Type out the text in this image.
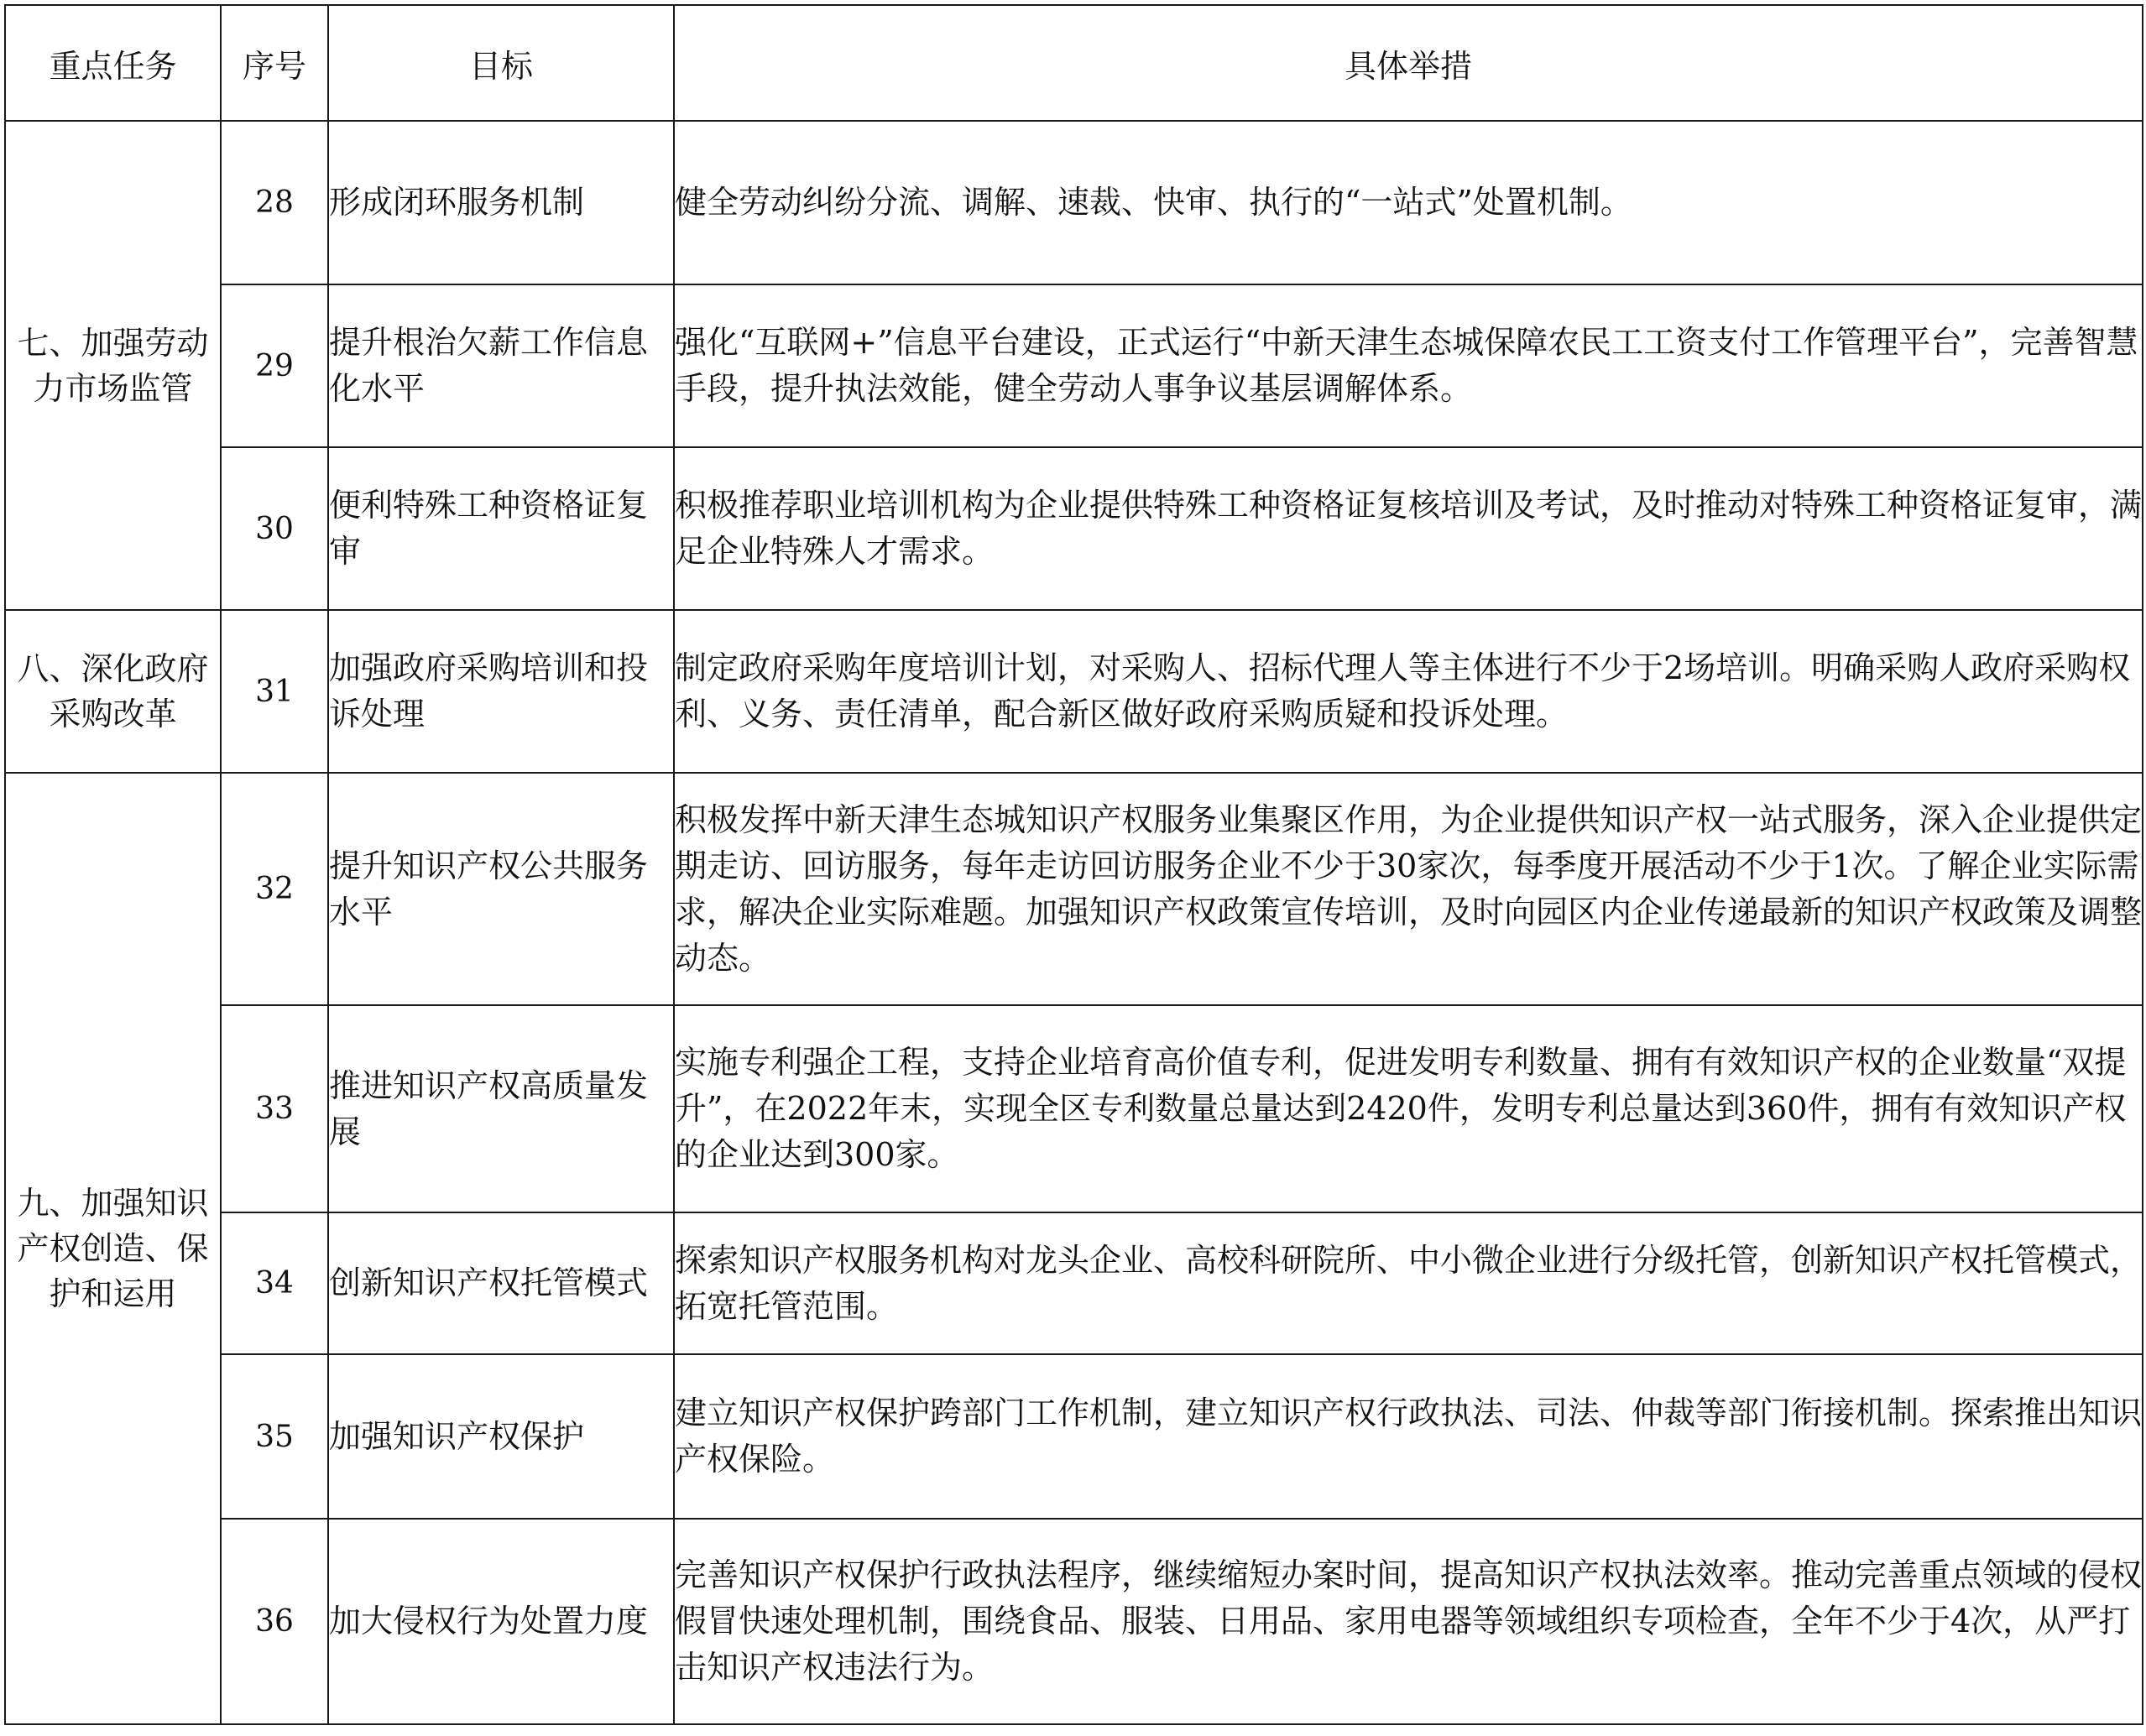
重点任务	序号	目标	具体举措
七、加强劳动力市场监管	28	形成闭环服务机制	健全劳动纠纷分流、调解、速裁、快审、执行的“一站式”处置机制。
	29	提升根治欠薪工作信息化水平	强化“互联网+”信息平台建设，正式运行“中新天津生态城保障农民工工资支付工作管理平台”，完善智慧手段，提升执法效能，健全劳动人事争议基层调解体系。
	30	便利特殊工种资格证复审	积极推荐职业培训机构为企业提供特殊工种资格证复核培训及考试，及时推动对特殊工种资格证复审，满足企业特殊人才需求。
八、深化政府采购改革	31	加强政府采购培训和投诉处理	制定政府采购年度培训计划，对采购人、招标代理人等主体进行不少于2场培训。明确采购人政府采购权利、义务、责任清单，配合新区做好政府采购质疑和投诉处理。
九、加强知识产权创造、保护和运用	32	提升知识产权公共服务水平	积极发挥中新天津生态城知识产权服务业集聚区作用，为企业提供知识产权一站式服务，深入企业提供定期走访、回访服务，每年走访回访服务企业不少于30家次，每季度开展活动不少于1次。了解企业实际需求，解决企业实际难题。加强知识产权政策宣传培训，及时向园区内企业传递最新的知识产权政策及调整动态。
	33	推进知识产权高质量发展	实施专利强企工程，支持企业培育高价值专利，促进发明专利数量、拥有有效知识产权的企业数量“双提升”，在2022年末，实现全区专利数量总量达到2420件，发明专利总量达到360件，拥有有效知识产权的企业达到300家。
	34	创新知识产权托管模式	探索知识产权服务机构对龙头企业、高校科研院所、中小微企业进行分级托管，创新知识产权托管模式，拓宽托管范围。
	35	加强知识产权保护	建立知识产权保护跨部门工作机制，建立知识产权行政执法、司法、仲裁等部门衔接机制。探索推出知识产权保险。
	36	加大侵权行为处置力度	完善知识产权保护行政执法程序，继续缩短办案时间，提高知识产权执法效率。推动完善重点领域的侵权假冒快速处理机制，围绕食品、服装、日用品、家用电器等领域组织专项检查，全年不少于4次，从严打击知识产权违法行为。
